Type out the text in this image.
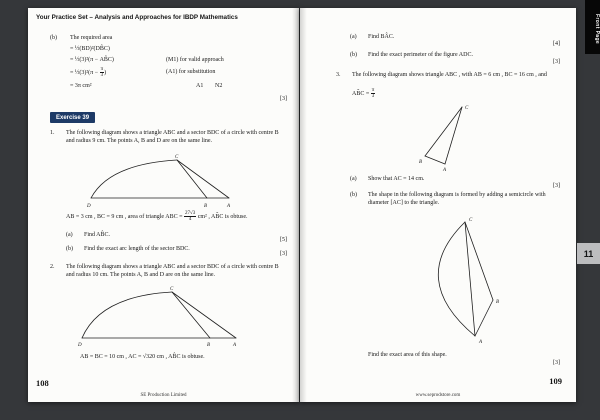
Your Practice Set – Analysis and Approaches for IBDP Mathematics
(b) The required area
= ½(BD)²(DB̂C)
= ½(3)²(π − AB̂C)	(M1) for valid approach
= ½(3)²(π − $\frac{\pi}{3}$ )	(A1) for substitution
= 3π cm²	A1 N2
[3]
Exercise 39
1. The following diagram shows a triangle ABC and a sector BDC of a circle with centre B and radius 9 cm. The points A, B and D are on the same line.
C
D	B	A
AB = 3 cm , BC = 9 cm , area of triangle ABC = $\frac{27√3}{4} cm^2$ , AB̂C is obtuse.
(a) Find AB̂C.
[5]
(b) Find the exact arc length of the sector BDC.
[3]
2. The following diagram shows a triangle ABC and a sector BDC of a circle with centre B and radius 10 cm. The points A, B and D are on the same line.
C
D	B	A
AB = BC = 10 cm , AC = √320 cm , AB̂C is obtuse.
108
SE Production Limited
(a) Find BÂC.
[4]
(b) Find the exact perimeter of the figure ADC.
[3]
3. The following diagram shows triangle ABC , with AB = 6 cm , BC = 16 cm , and
AB̂C = $\frac{\pi}{3}$
C
B
A
(a) Show that AC = 14 cm.
[3]
(b) The shape in the following diagram is formed by adding a semicircle with diameter [AC] to the triangle.
C
B
A
Find the exact area of this shape.
[3]
109
www.seprodstore.com
Front Page
11
